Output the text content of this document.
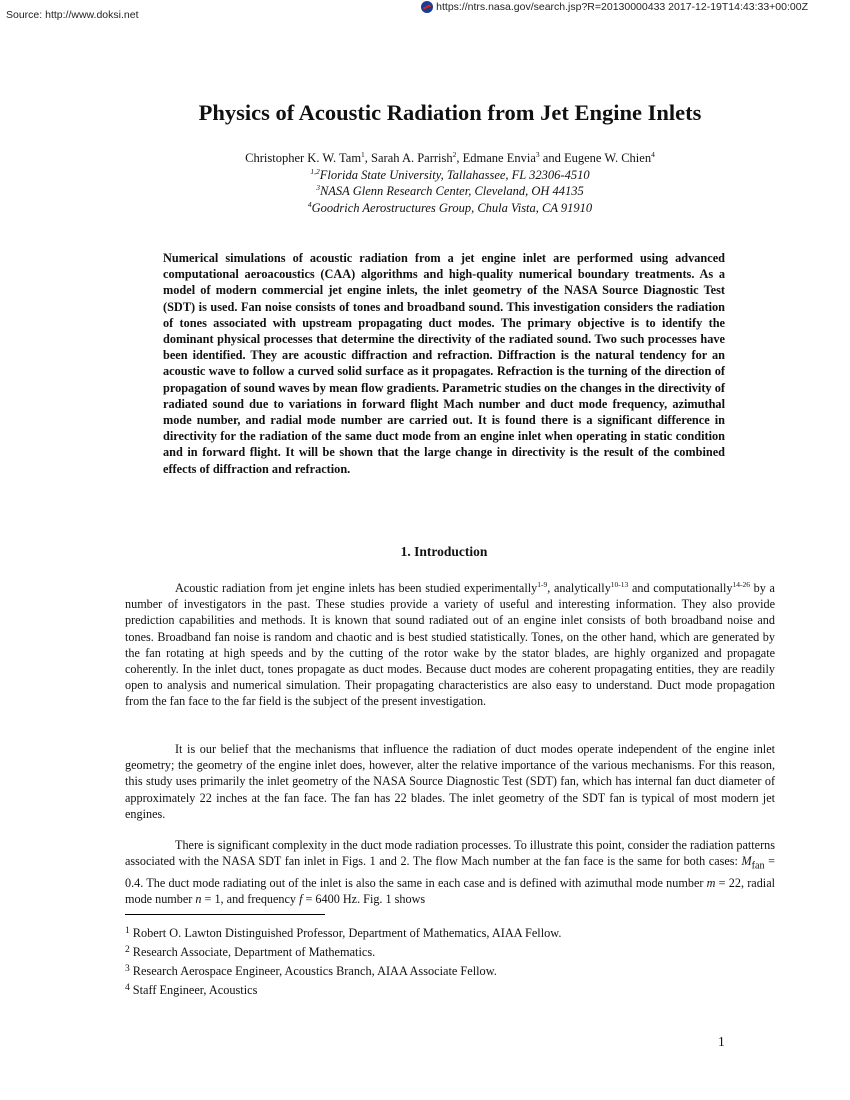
Source: http://www.doksi.net
https://ntrs.nasa.gov/search.jsp?R=20130000433 2017-12-19T14:43:33+00:00Z
Physics of Acoustic Radiation from Jet Engine Inlets
Christopher K. W. Tam$^1$, Sarah A. Parrish$^2$, Edmane Envia$^3$ and Eugene W. Chien$^4$
$^{1,2}$Florida State University, Tallahassee, FL 32306-4510
$^3$NASA Glenn Research Center, Cleveland, OH 44135
$^4$Goodrich Aerostructures Group, Chula Vista, CA 91910

Numerical simulations of acoustic radiation from a jet engine inlet are performed using advanced computational aeroacoustics (CAA) algorithms and high-quality numerical boundary treatments. As a model of modern commercial jet engine inlets, the inlet geometry of the NASA Source Diagnostic Test (SDT) is used. Fan noise consists of tones and broadband sound. This investigation considers the radiation of tones associated with upstream propagating duct modes. The primary objective is to identify the dominant physical processes that determine the directivity of the radiated sound. Two such processes have been identified. They are acoustic diffraction and refraction. Diffraction is the natural tendency for an acoustic wave to follow a curved solid surface as it propagates. Refraction is the turning of the direction of propagation of sound waves by mean flow gradients. Parametric studies on the changes in the directivity of radiated sound due to variations in forward flight Mach number and duct mode frequency, azimuthal mode number, and radial mode number are carried out. It is found there is a significant difference in directivity for the radiation of the same duct mode from an engine inlet when operating in static condition and in forward flight. It will be shown that the large change in directivity is the result of the combined effects of diffraction and refraction.

1. Introduction

Acoustic radiation from jet engine inlets has been studied experimentally$^{1-9}$, analytically$^{10-13}$ and computationally$^{14-26}$ by a number of investigators in the past. These studies provide a variety of useful and interesting information. They also provide prediction capabilities and methods. It is known that sound radiated out of an engine inlet consists of both broadband noise and tones. Broadband fan noise is random and chaotic and is best studied statistically. Tones, on the other hand, which are generated by the fan rotating at high speeds and by the cutting of the rotor wake by the stator blades, are highly organized and propagate coherently. In the inlet duct, tones propagate as duct modes. Because duct modes are coherent propagating entities, they are readily open to analysis and numerical simulation. Their propagating characteristics are also easy to understand. Duct mode propagation from the fan face to the far field is the subject of the present investigation.

It is our belief that the mechanisms that influence the radiation of duct modes operate independent of the engine inlet geometry; the geometry of the engine inlet does, however, alter the relative importance of the various mechanisms. For this reason, this study uses primarily the inlet geometry of the NASA Source Diagnostic Test (SDT) fan, which has internal fan duct diameter of approximately 22 inches at the fan face. The fan has 22 blades. The inlet geometry of the SDT fan is typical of most modern jet engines.

There is significant complexity in the duct mode radiation processes. To illustrate this point, consider the radiation patterns associated with the NASA SDT fan inlet in Figs. 1 and 2. The flow Mach number at the fan face is the same for both cases: $M_{fan} = 0.4$. The duct mode radiating out of the inlet is also the same in each case and is defined with azimuthal mode number m = 22, radial mode number n = 1, and frequency f = 6400 Hz. Fig. 1 shows

$^1$ Robert O. Lawton Distinguished Professor, Department of Mathematics, AIAA Fellow.
$^2$ Research Associate, Department of Mathematics.
$^3$ Research Aerospace Engineer, Acoustics Branch, AIAA Associate Fellow.
$^4$ Staff Engineer, Acoustics
1
